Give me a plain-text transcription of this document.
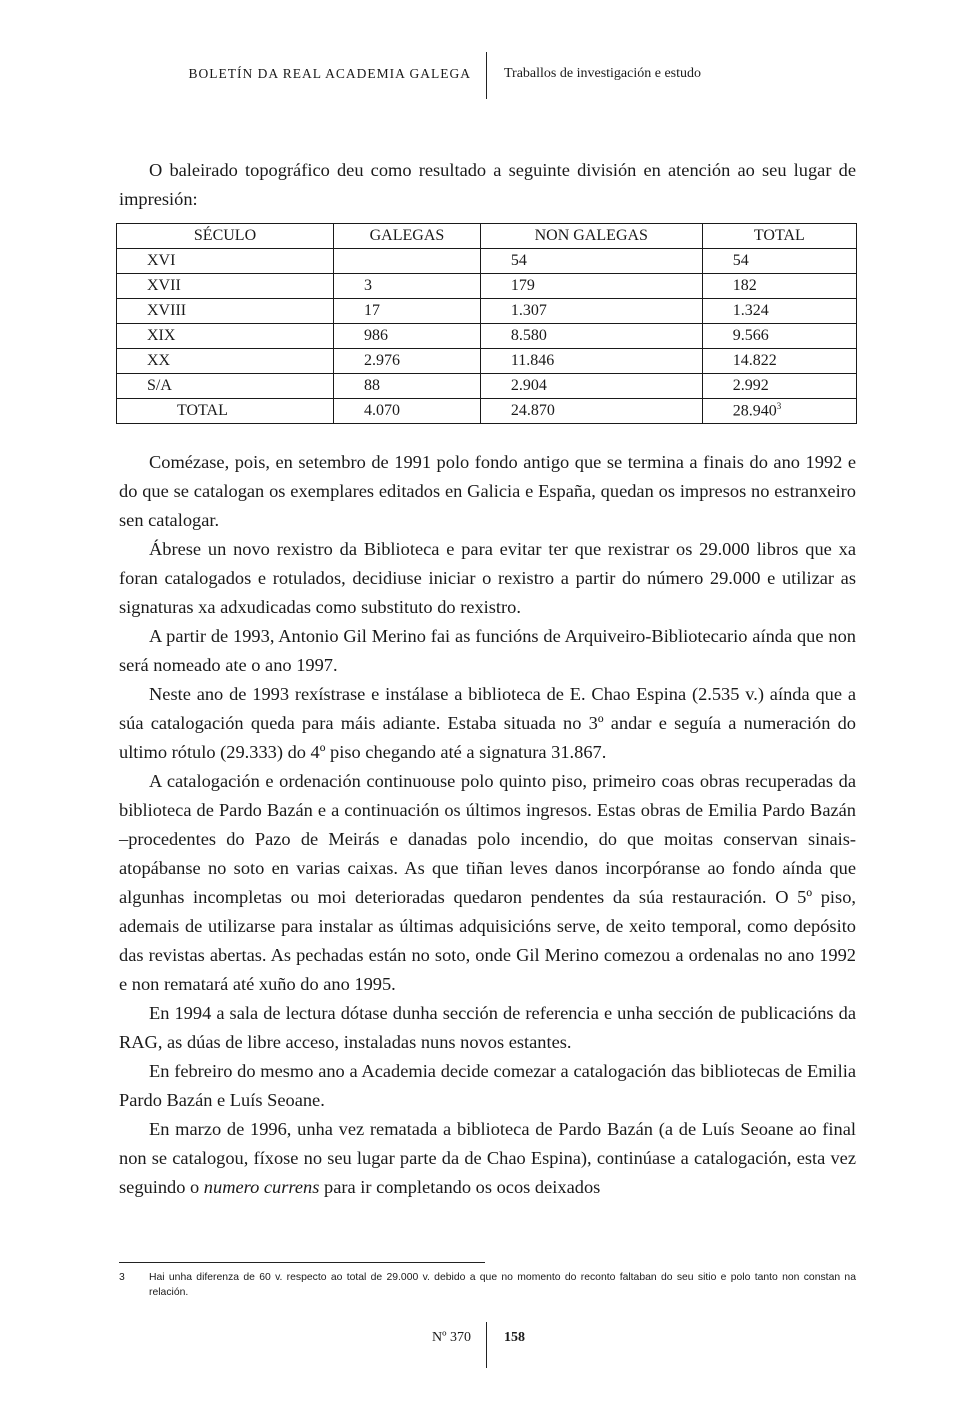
BOLETÍN DA REAL ACADEMIA GALEGA Traballos de investigación e estudo

O baleirado topográfico deu como resultado a seguinte división en atención ao seu lugar de impresión:

SÉCULO	GALEGAS	NON GALEGAS	TOTAL
XVI		54	54
XVII	3	179	182
XVIII	17	1.307	1.324
XIX	986	8.580	9.566
XX	2.976	11.846	14.822
S/A	88	2.904	2.992
TOTAL	4.070	24.870	28.940$^3$

Comézase, pois, en setembro de 1991 polo fondo antigo que se termina a finais do ano 1992 e do que se catalogan os exemplares editados en Galicia e España, quedan os impresos no estranxeiro sen catalogar.

Ábrese un novo rexistro da Biblioteca e para evitar ter que rexistrar os 29.000 libros que xa foran catalogados e rotulados, decidiuse iniciar o rexistro a partir do número 29.000 e utilizar as signaturas xa adxudicadas como substituto do rexistro.

A partir de 1993, Antonio Gil Merino fai as funcións de Arquiveiro-Bibliotecario aínda que non será nomeado ate o ano 1997.

Neste ano de 1993 rexístrase e instálase a biblioteca de E. Chao Espina (2.535 v.) aínda que a súa catalogación queda para máis adiante. Estaba situada no 3º andar e seguía a numeración do ultimo rótulo (29.333) do 4º piso chegando até a signatura 31.867.

A catalogación e ordenación continuouse polo quinto piso, primeiro coas obras recuperadas da biblioteca de Pardo Bazán e a continuación os últimos ingresos. Estas obras de Emilia Pardo Bazán –procedentes do Pazo de Meirás e danadas polo incendio, do que moitas conservan sinais- atopábanse no soto en varias caixas. As que tiñan leves danos incorpóranse ao fondo aínda que algunhas incompletas ou moi deterioradas quedaron pendentes da súa restauración. O 5º piso, ademais de utilizarse para instalar as últimas adquisicións serve, de xeito temporal, como depósito das revistas abertas. As pechadas están no soto, onde Gil Merino comezou a ordenalas no ano 1992 e non rematará até xuño do ano 1995.

En 1994 a sala de lectura dótase dunha sección de referencia e unha sección de publicacións da RAG, as dúas de libre acceso, instaladas nuns novos estantes.

En febreiro do mesmo ano a Academia decide comezar a catalogación das bibliotecas de Emilia Pardo Bazán e Luís Seoane.

En marzo de 1996, unha vez rematada a biblioteca de Pardo Bazán (a de Luís Seoane ao final non se catalogou, fíxose no seu lugar parte da de Chao Espina), continúase a catalogación, esta vez seguindo o numero currens para ir completando os ocos deixados

3 Hai unha diferenza de 60 v. respecto ao total de 29.000 v. debido a que no momento do reconto faltaban do seu sitio e polo tanto non constan na relación.
Nº 370 158
